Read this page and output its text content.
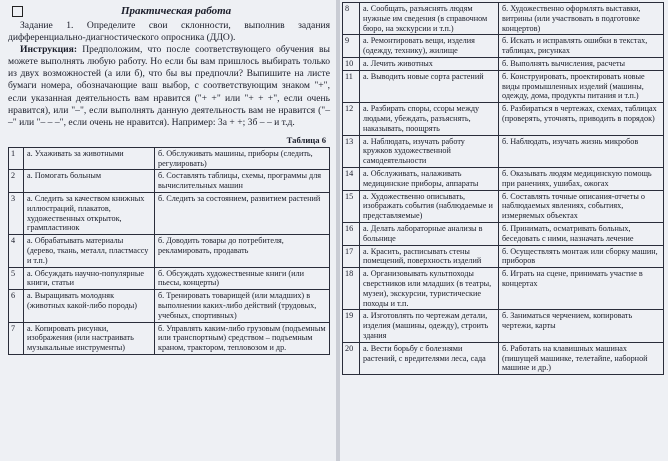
Практическая работа

Задание 1. Определите свои склонности, выполнив задания дифференциально-диагностического опросника (ДДО).

Инструкция: Предположим, что после соответствующего обучения вы можете выполнять любую работу. Но если бы вам пришлось выбирать только из двух возможностей (а или б), что бы вы предпочли? Выпишите на листе бумаги номера, обозначающие ваш выбор, с соответствующим знаком "+", если указанная деятельность вам нравится ("+ +" или "+ + +", если очень нравится), или "–", если выполнять данную деятельность вам не нравится ("– –" или "– – –", если очень не нравится). Например: 3а + +; 3б – – и т.д.

Таблица 6
1	а. Ухаживать за животными	б. Обслуживать машины, приборы (следить, регулировать)
2	а. Помогать больным	б. Составлять таблицы, схемы, программы для вычислительных машин
3	а. Следить за качеством книжных иллюстраций, плакатов, художественных открыток, грампластинок	б. Следить за состоянием, развитием растений
4	а. Обрабатывать материалы (дерево, ткань, металл, пластмассу и т.п.)	б. Доводить товары до потребителя, рекламировать, продавать
5	а. Обсуждать научно-популярные книги, статьи	б. Обсуждать художественные книги (или пьесы, концерты)
6	а. Выращивать молодняк (животных какой-либо породы)	б. Тренировать товарищей (или младших) в выполнении каких-либо действий (трудовых, учебных, спортивных)
7	а. Копировать рисунки, изображения (или настраивать музыкальные инструменты)	б. Управлять каким-либо грузовым (подъемным или транспортным) средством – подъемным краном, трактором, тепловозом и др.
8	а. Сообщать, разъяснять людям нужные им сведения (в справочном бюро, на экскурсии и т.п.)	б. Художественно оформлять выставки, витрины (или участвовать в подготовке концертов)
9	а. Ремонтировать вещи, изделия (одежду, технику), жилище	б. Искать и исправлять ошибки в текстах, таблицах, рисунках
10	а. Лечить животных	б. Выполнять вычисления, расчеты
11	а. Выводить новые сорта растений	б. Конструировать, проектировать новые виды промышленных изделий (машины, одежду, дома, продукты питания и т.п.)
12	а. Разбирать споры, ссоры между людьми, убеждать, разъяснять, наказывать, поощрять	б. Разбираться в чертежах, схемах, таблицах (проверять, уточнять, приводить в порядок)
13	а. Наблюдать, изучать работу кружков художественной самодеятельности	б. Наблюдать, изучать жизнь микробов
14	а. Обслуживать, налаживать медицинские приборы, аппараты	б. Оказывать людям медицинскую помощь при ранениях, ушибах, ожогах
15	а. Художественно описывать, изображать события (наблюдаемые и представляемые)	б. Составлять точные описания-отчеты о наблюдаемых явлениях, событиях, измеряемых объектах
16	а. Делать лабораторные анализы в больнице	б. Принимать, осматривать больных, беседовать с ними, назначать лечение
17	а. Красить, расписывать стены помещений, поверхность изделий	б. Осуществлять монтаж или сборку машин, приборов
18	а. Организовывать культпоходы сверстников или младших (в театры, музеи), экскурсии, туристические походы и т.п.	б. Играть на сцене, принимать участие в концертах
19	а. Изготовлять по чертежам детали, изделия (машины, одежду), строить здания	б. Заниматься черчением, копировать чертежи, карты
20	а. Вести борьбу с болезнями растений, с вредителями леса, сада	б. Работать на клавишных машинах (пишущей машинке, телетайпе, наборной машине и др.)
